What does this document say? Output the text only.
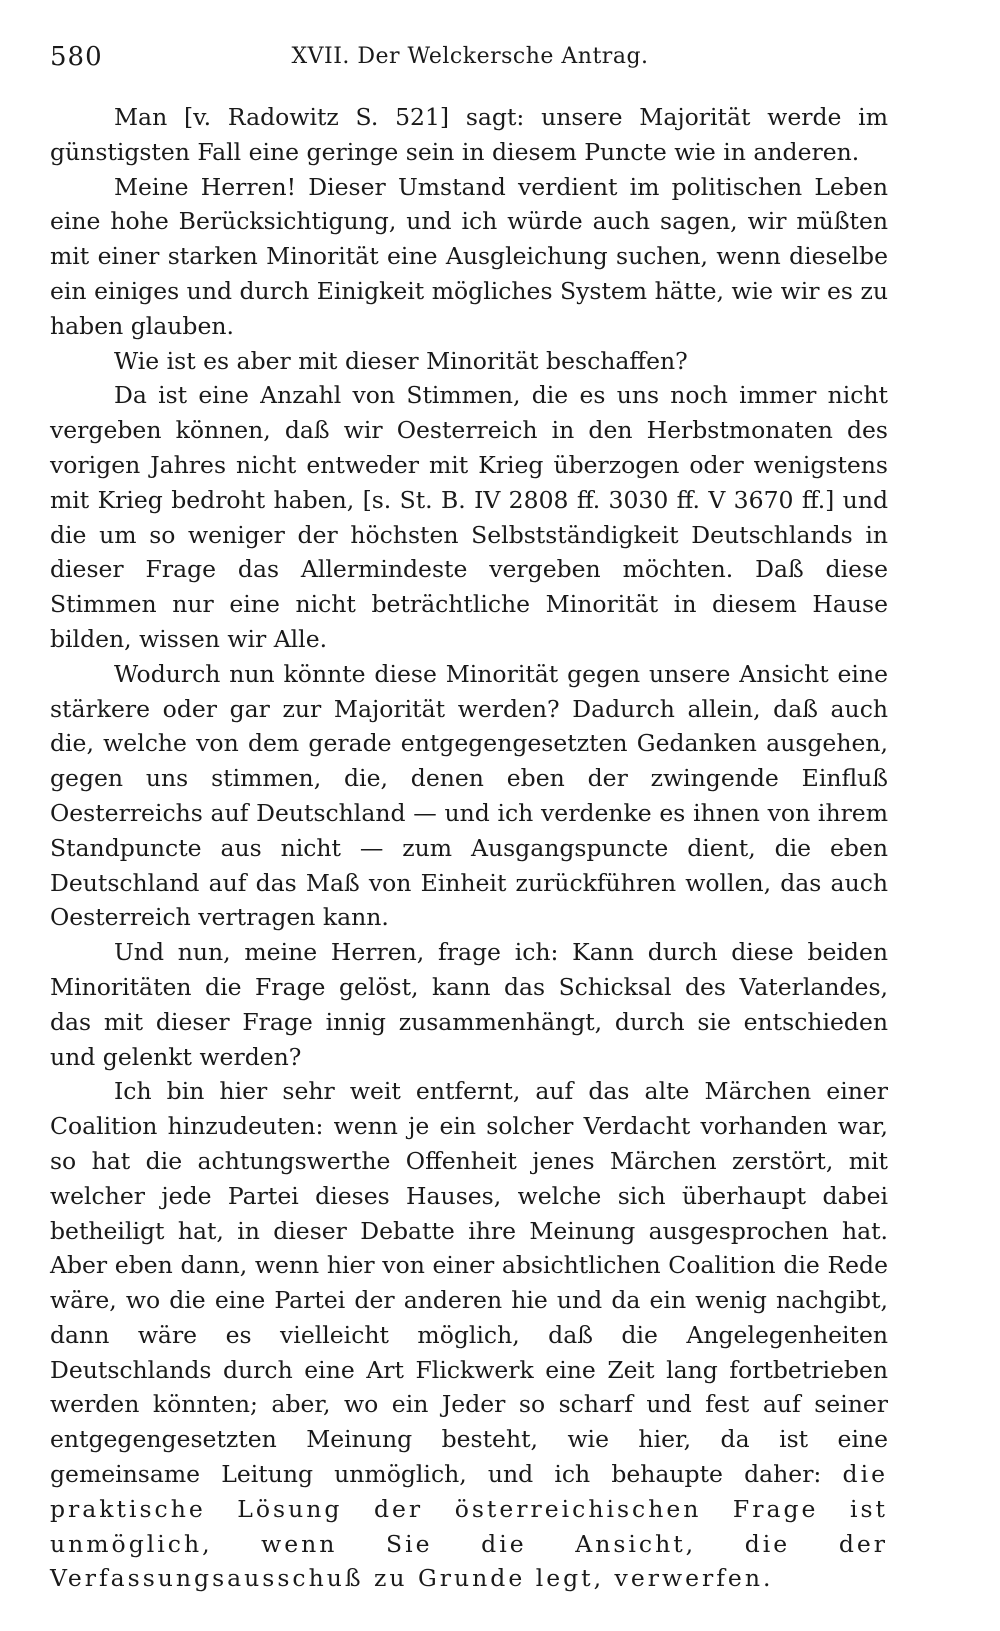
580	XVII. Der Welckersche Antrag.

Man [v. Radowitz S. 521] sagt: unsere Majorität werde im günstigsten Fall eine geringe sein in diesem Puncte wie in anderen.

Meine Herren! Dieser Umstand verdient im politischen Leben eine hohe Berücksichtigung, und ich würde auch sagen, wir müßten mit einer starken Minorität eine Ausgleichung suchen, wenn dieselbe ein einiges und durch Einigkeit mögliches System hätte, wie wir es zu haben glauben.

Wie ist es aber mit dieser Minorität beschaffen?

Da ist eine Anzahl von Stimmen, die es uns noch immer nicht vergeben können, daß wir Oesterreich in den Herbstmonaten des vorigen Jahres nicht entweder mit Krieg überzogen oder wenigstens mit Krieg bedroht haben, [s. St. B. IV 2808 ff. 3030 ff. V 3670 ff.] und die um so weniger der höchsten Selbstständigkeit Deutschlands in dieser Frage das Allermindeste vergeben möchten. Daß diese Stimmen nur eine nicht beträchtliche Minorität in diesem Hause bilden, wissen wir Alle.

Wodurch nun könnte diese Minorität gegen unsere Ansicht eine stärkere oder gar zur Majorität werden? Dadurch allein, daß auch die, welche von dem gerade entgegengesetzten Gedanken ausgehen, gegen uns stimmen, die, denen eben der zwingende Einfluß Oesterreichs auf Deutschland — und ich verdenke es ihnen von ihrem Standpuncte aus nicht — zum Ausgangspuncte dient, die eben Deutschland auf das Maß von Einheit zurückführen wollen, das auch Oesterreich vertragen kann.

Und nun, meine Herren, frage ich: Kann durch diese beiden Minoritäten die Frage gelöst, kann das Schicksal des Vaterlandes, das mit dieser Frage innig zusammenhängt, durch sie entschieden und gelenkt werden?

Ich bin hier sehr weit entfernt, auf das alte Märchen einer Coalition hinzudeuten: wenn je ein solcher Verdacht vorhanden war, so hat die achtungswerthe Offenheit jenes Märchen zerstört, mit welcher jede Partei dieses Hauses, welche sich überhaupt dabei betheiligt hat, in dieser Debatte ihre Meinung ausgesprochen hat. Aber eben dann, wenn hier von einer absichtlichen Coalition die Rede wäre, wo die eine Partei der anderen hie und da ein wenig nachgibt, dann wäre es vielleicht möglich, daß die Angelegenheiten Deutschlands durch eine Art Flickwerk eine Zeit lang fortbetrieben werden könnten; aber, wo ein Jeder so scharf und fest auf seiner entgegengesetzten Meinung besteht, wie hier, da ist eine gemeinsame Leitung unmöglich, und ich behaupte daher: die praktische Lösung der österreichischen Frage ist unmöglich, wenn Sie die Ansicht, die der Verfassungsausschuß zu Grunde legt, verwerfen.
